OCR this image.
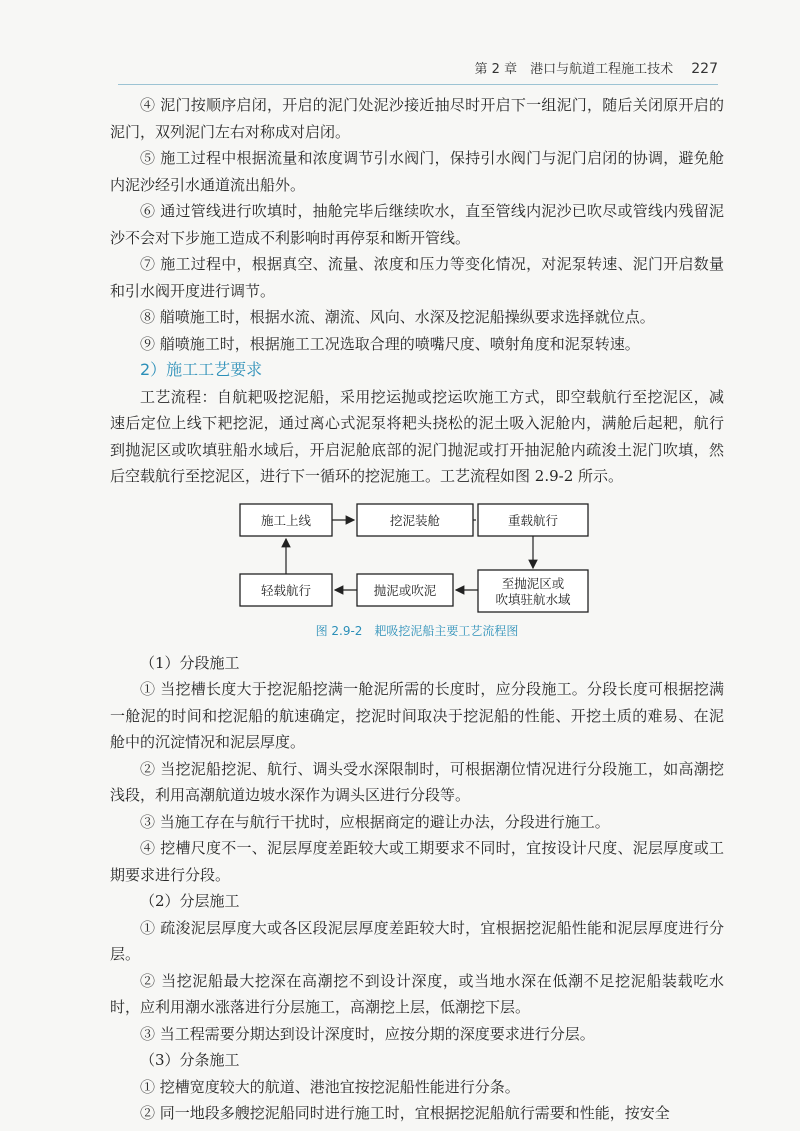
第 2 章　 港口与航道工程施工技术 227

④ 泥门按顺序启闭，开启的泥门处泥沙接近抽尽时开启下一组泥门，随后关闭原开启的泥门，双列泥门左右对称成对启闭。

⑤ 施工过程中根据流量和浓度调节引水阀门，保持引水阀门与泥门启闭的协调，避免舱内泥沙经引水通道流出船外。

⑥ 通过管线进行吹填时，抽舱完毕后继续吹水，直至管线内泥沙已吹尽或管线内残留泥沙不会对下步施工造成不利影响时再停泵和断开管线。

⑦ 施工过程中，根据真空、流量、浓度和压力等变化情况，对泥泵转速、泥门开启数量和引水阀开度进行调节。

⑧ 艏喷施工时，根据水流、潮流、风向、水深及挖泥船操纵要求选择就位点。

⑨ 艏喷施工时，根据施工工况选取合理的喷嘴尺度、喷射角度和泥泵转速。

2）施工工艺要求

工艺流程：自航耙吸挖泥船，采用挖运抛或挖运吹施工方式，即空载航行至挖泥区，减速后定位上线下耙挖泥，通过离心式泥泵将耙头挠松的泥土吸入泥舱内，满舱后起耙，航行到抛泥区或吹填驻船水域后，开启泥舱底部的泥门抛泥或打开抽泥舱内疏浚土泥门吹填，然后空载航行至挖泥区，进行下一循环的挖泥施工。工艺流程如图 2.9-2 所示。

施工上线	挖泥装舱	重载航行
至抛泥区或
吹填驻航水域
抛泥或吹泥
轻载航行
图 2.9-2　耙吸挖泥船主要工艺流程图

（1）分段施工

① 当挖槽长度大于挖泥船挖满一舱泥所需的长度时，应分段施工。分段长度可根据挖满一舱泥的时间和挖泥船的航速确定，挖泥时间取决于挖泥船的性能、开挖土质的难易、在泥舱中的沉淀情况和泥层厚度。

② 当挖泥船挖泥、航行、调头受水深限制时，可根据潮位情况进行分段施工，如高潮挖浅段，利用高潮航道边坡水深作为调头区进行分段等。

③ 当施工存在与航行干扰时，应根据商定的避让办法，分段进行施工。

④ 挖槽尺度不一、泥层厚度差距较大或工期要求不同时，宜按设计尺度、泥层厚度或工期要求进行分段。

（2）分层施工

① 疏浚泥层厚度大或各区段泥层厚度差距较大时，宜根据挖泥船性能和泥层厚度进行分层。

② 当挖泥船最大挖深在高潮挖不到设计深度，或当地水深在低潮不足挖泥船装载吃水时，应利用潮水涨落进行分层施工，高潮挖上层，低潮挖下层。

③ 当工程需要分期达到设计深度时，应按分期的深度要求进行分层。

（3）分条施工

① 挖槽宽度较大的航道、港池宜按挖泥船性能进行分条。

② 同一地段多艘挖泥船同时进行施工时，宜根据挖泥船航行需要和性能，按安全
